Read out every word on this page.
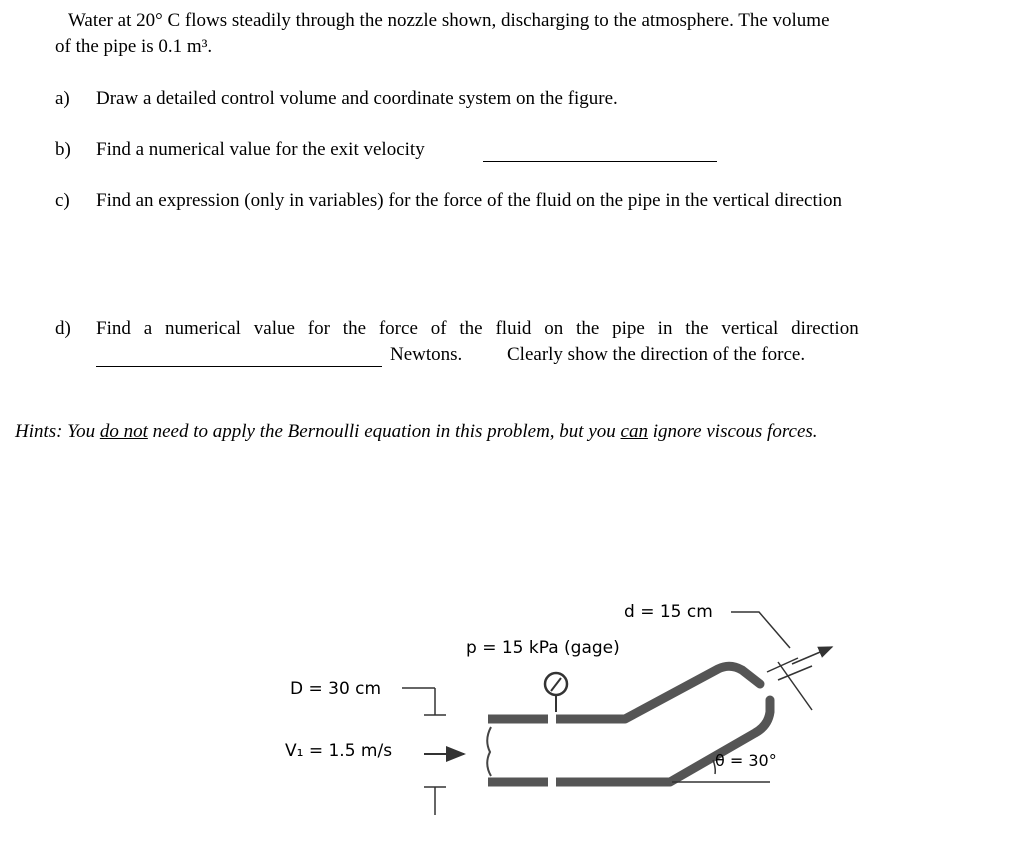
Water at 20° C flows steadily through the nozzle shown, discharging to the atmosphere. The volume
of the pipe is 0.1 m³.
a) Draw a detailed control volume and coordinate system on the figure.
b) Find a numerical value for the exit velocity
c) Find an expression (only in variables) for the force of the fluid on the pipe in the vertical direction
d) Find a numerical value for the force of the fluid on the pipe in the vertical direction
Newtons. Clearly show the direction of the force.
Hints: You do not need to apply the Bernoulli equation in this problem, but you can ignore viscous forces.
d = 15 cm
p = 15 kPa (gage)
D = 30 cm
V₁ = 1.5 m/s	θ = 30°
